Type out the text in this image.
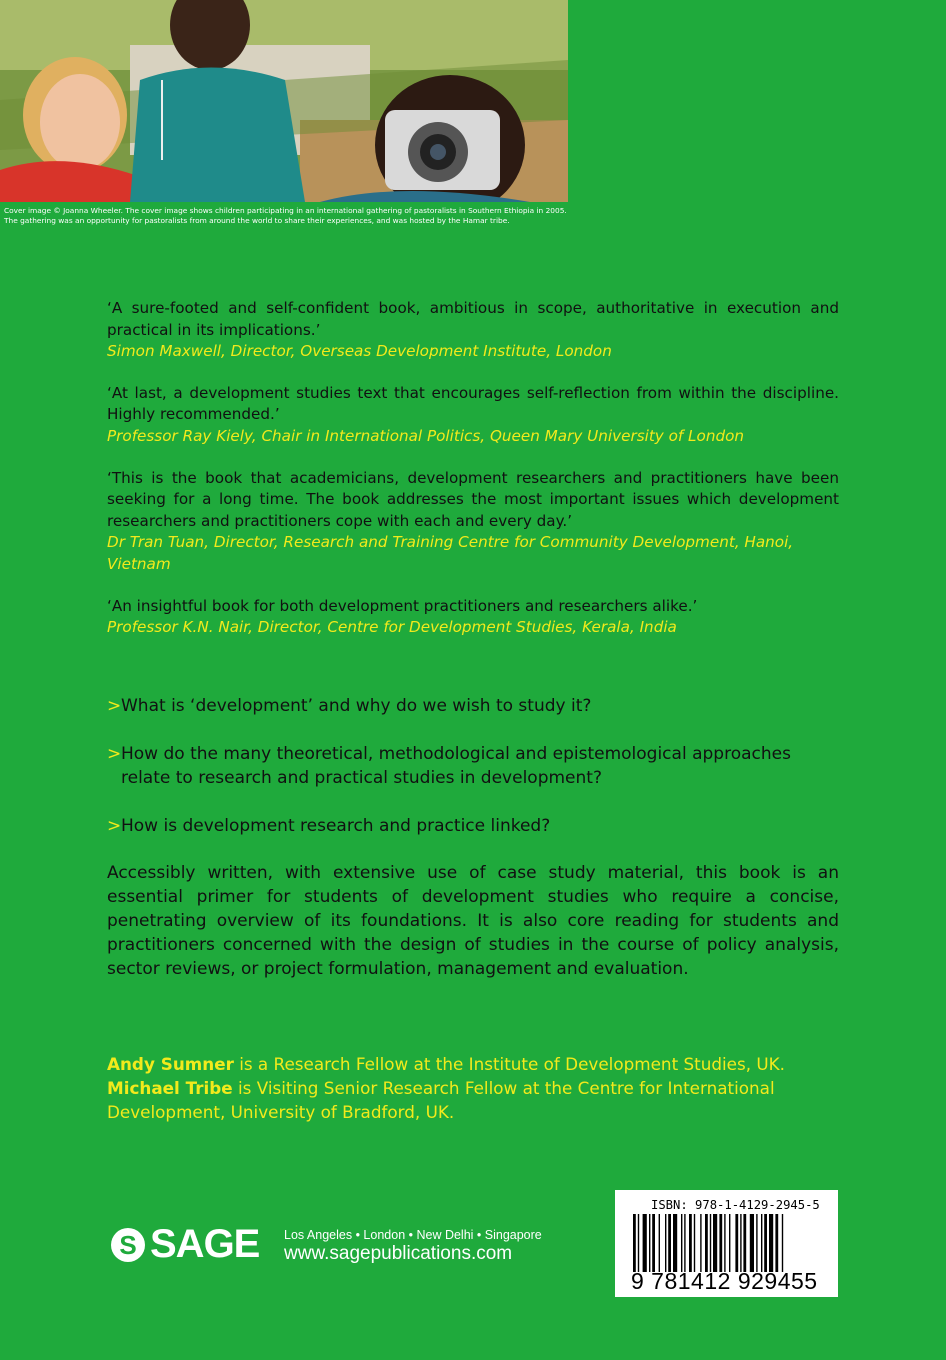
Cover image © Joanna Wheeler. The cover image shows children participating in an international gathering of pastoralists in Southern Ethiopia in 2005. The gathering was an opportunity for pastoralists from around the world to share their experiences, and was hosted by the Hamar tribe.
‘A sure-footed and self-confident book, ambitious in scope, authoritative in execution and practical in its implications.’
Simon Maxwell, Director, Overseas Development Institute, London
‘At last, a development studies text that encourages self-reflection from within the discipline. Highly recommended.’
Professor Ray Kiely, Chair in International Politics, Queen Mary University of London
‘This is the book that academicians, development researchers and practitioners have been seeking for a long time. The book addresses the most important issues which development researchers and practitioners cope with each and every day.’
Dr Tran Tuan, Director, Research and Training Centre for Community Development, Hanoi, Vietnam
‘An insightful book for both development practitioners and researchers alike.’
Professor K.N. Nair, Director, Centre for Development Studies, Kerala, India
> What is ‘development’ and why do we wish to study it?
> How do the many theoretical, methodological and epistemological approaches relate to research and practical studies in development?
> How is development research and practice linked?
Accessibly written, with extensive use of case study material, this book is an essential primer for students of development studies who require a concise, penetrating overview of its foundations. It is also core reading for students and practitioners concerned with the design of studies in the course of policy analysis, sector reviews, or project formulation, management and evaluation.
Andy Sumner is a Research Fellow at the Institute of Development Studies, UK.
Michael Tribe is Visiting Senior Research Fellow at the Centre for International Development, University of Bradford, UK.
S SAGE Los Angeles • London • New Delhi • Singapore
www.sagepublications.com
ISBN: 978-1-4129-2945-5
9 781412 929455
